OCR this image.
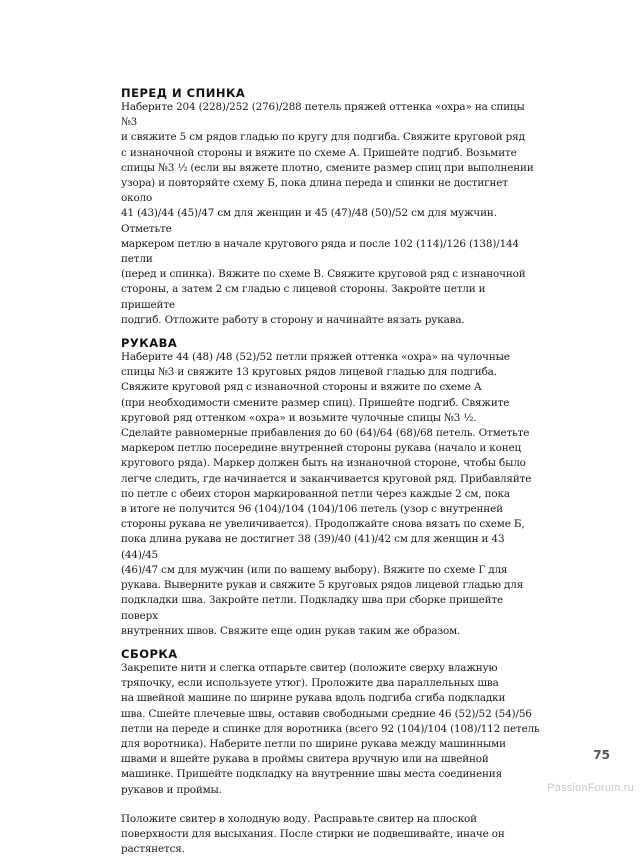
ПЕРЕД И СПИНКА

Наберите 204 (228)/252 (276)/288 петель пряжей оттенка «охра» на спицы №3
и свяжите 5 см рядов гладью по кругу для подгиба. Свяжите круговой ряд
с изнаночной стороны и вяжите по схеме А. Пришейте подгиб. Возьмите
спицы №3 ½ (если вы вяжете плотно, смените размер спиц при выполнении
узора) и повторяйте схему Б, пока длина переда и спинки не достигнет около
41 (43)/44 (45)/47 см для женщин и 45 (47)/48 (50)/52 см для мужчин. Отметьте
маркером петлю в начале кругового ряда и после 102 (114)/126 (138)/144 петли
(перед и спинка). Вяжите по схеме В. Свяжите круговой ряд с изнаночной
стороны, а затем 2 см гладью с лицевой стороны. Закройте петли и пришейте
подгиб. Отложите работу в сторону и начинайте вязать рукава.

РУКАВА

Наберите 44 (48) /48 (52)/52 петли пряжей оттенка «охра» на чулочные
спицы №3 и свяжите 13 круговых рядов лицевой гладью для подгиба.
Свяжите круговой ряд с изнаночной стороны и вяжите по схеме А
(при необходимости смените размер спиц). Пришейте подгиб. Свяжите
круговой ряд оттенком «охра» и возьмите чулочные спицы №3 ½.
Сделайте равномерные прибавления до 60 (64)/64 (68)/68 петель. Отметьте
маркером петлю посередине внутренней стороны рукава (начало и конец
кругового ряда). Маркер должен быть на изнаночной стороне, чтобы было
легче следить, где начинается и заканчивается круговой ряд. Прибавляйте
по петле с обеих сторон маркированной петли через каждые 2 см, пока
в итоге не получится 96 (104)/104 (104)/106 петель (узор с внутренней
стороны рукава не увеличивается). Продолжайте снова вязать по схеме Б,
пока длина рукава не достигнет 38 (39)/40 (41)/42 см для женщин и 43 (44)/45
(46)/47 см для мужчин (или по вашему выбору). Вяжите по схеме Г для
рукава. Выверните рукав и свяжите 5 круговых рядов лицевой гладью для
подкладки шва. Закройте петли. Подкладку шва при сборке пришейте поверх
внутренних швов. Свяжите еще один рукав таким же образом.

СБОРКА

Закрепите нити и слегка отпарьте свитер (положите сверху влажную
тряпочку, если используете утюг). Проложите два параллельных шва
на швейной машине по ширине рукава вдоль подгиба сгиба подкладки
шва. Сшейте плечевые швы, оставив свободными средние 46 (52)/52 (54)/56
петли на переде и спинке для воротника (всего 92 (104)/104 (108)/112 петель
для воротника). Наберите петли по ширине рукава между машинными
швами и вшейте рукава в проймы свитера вручную или на швейной
машинке. Пришейте подкладку на внутренние швы места соединения
рукавов и проймы.

Положите свитер в холодную воду. Расправьте свитер на плоской
поверхности для высыхания. После стирки не подвешивайте, иначе он
растянется.

75
PassionForum.ru
